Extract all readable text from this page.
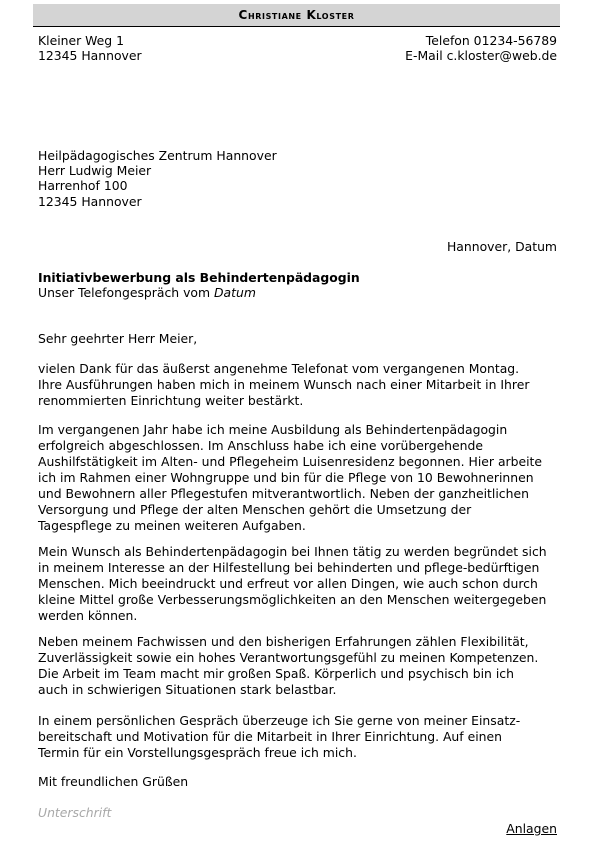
Christiane Kloster
Kleiner Weg 1
12345 Hannover
Telefon 01234-56789
E-Mail c.kloster@web.de
Heilpädagogisches Zentrum Hannover
Herr Ludwig Meier
Harrenhof 100
12345 Hannover
Hannover, Datum
Initiativbewerbung als Behindertenpädagogin
Unser Telefongespräch vom Datum
Sehr geehrter Herr Meier,
vielen Dank für das äußerst angenehme Telefonat vom vergangenen Montag.
Ihre Ausführungen haben mich in meinem Wunsch nach einer Mitarbeit in Ihrer
renommierten Einrichtung weiter bestärkt.
Im vergangenen Jahr habe ich meine Ausbildung als Behindertenpädagogin
erfolgreich abgeschlossen. Im Anschluss habe ich eine vorübergehende
Aushilfstätigkeit im Alten- und Pflegeheim Luisenresidenz begonnen. Hier arbeite
ich im Rahmen einer Wohngruppe und bin für die Pflege von 10 Bewohnerinnen
und Bewohnern aller Pflegestufen mitverantwortlich. Neben der ganzheitlichen
Versorgung und Pflege der alten Menschen gehört die Umsetzung der
Tagespflege zu meinen weiteren Aufgaben.
Mein Wunsch als Behindertenpädagogin bei Ihnen tätig zu werden begründet sich
in meinem Interesse an der Hilfestellung bei behinderten und pflege-bedürftigen
Menschen. Mich beeindruckt und erfreut vor allen Dingen, wie auch schon durch
kleine Mittel große Verbesserungsmöglichkeiten an den Menschen weitergegeben
werden können.
Neben meinem Fachwissen und den bisherigen Erfahrungen zählen Flexibilität,
Zuverlässigkeit sowie ein hohes Verantwortungsgefühl zu meinen Kompetenzen.
Die Arbeit im Team macht mir großen Spaß. Körperlich und psychisch bin ich
auch in schwierigen Situationen stark belastbar.
In einem persönlichen Gespräch überzeuge ich Sie gerne von meiner Einsatz-
bereitschaft und Motivation für die Mitarbeit in Ihrer Einrichtung. Auf einen
Termin für ein Vorstellungsgespräch freue ich mich.
Mit freundlichen Grüßen
Unterschrift
Anlagen
